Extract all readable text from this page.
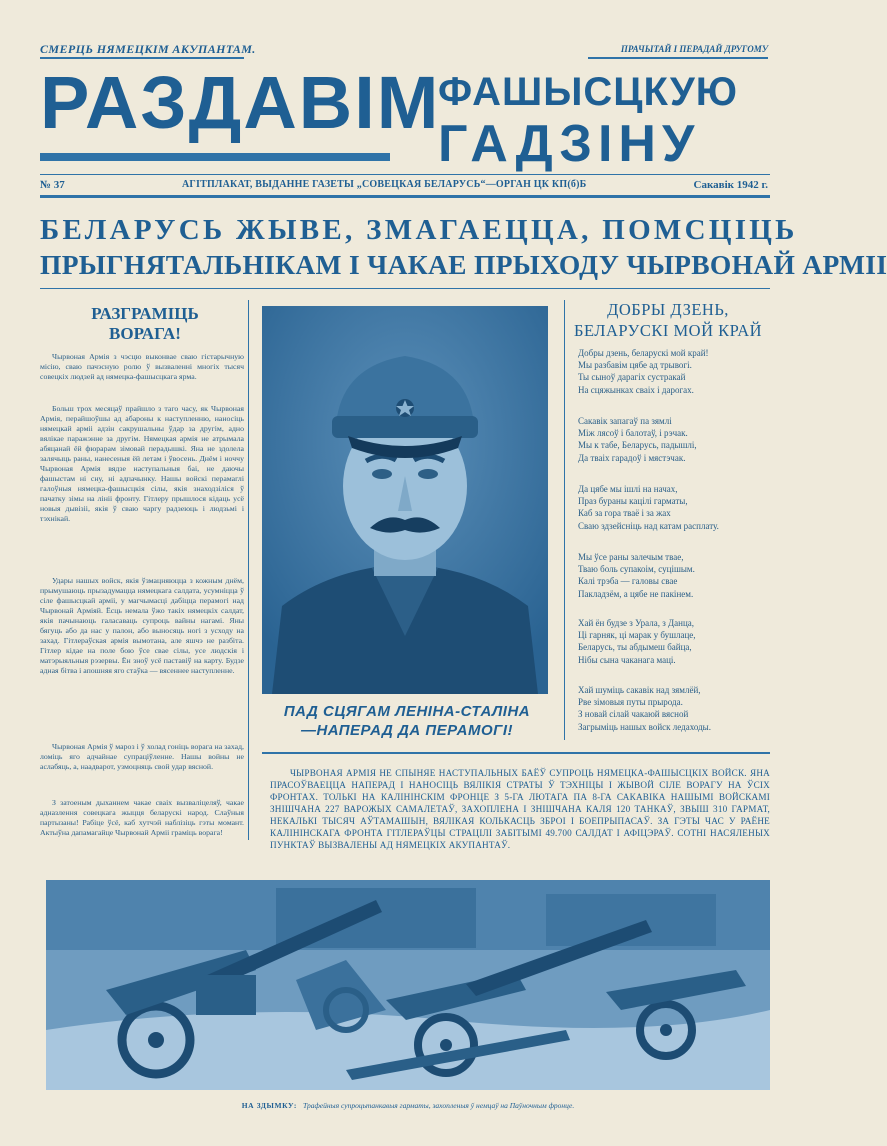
СМЕРЦЬ НЯМЕЦКІМ АКУПАНТАМ.	ПРАЧЫТАЙ І ПЕРАДАЙ ДРУГОМУ
РАЗДАВІМ
ФАШЫСЦКУЮ
ГАДЗІНУ
№ 37	АГІТПЛАКАТ, ВЫДАННЕ ГАЗЕТЫ „СОВЕЦКАЯ БЕЛАРУСЬ“—ОРГАН ЦК КП(б)Б	Сакавік 1942 г.
БЕЛАРУСЬ ЖЫВЕ, ЗМАГАЕЦЦА, ПОМСЦІЦЬ
ПРЫГНЯТАЛЬНІКАМ І ЧАКАЕ ПРЫХОДУ ЧЫРВОНАЙ АРМІІ
РАЗГРАМІЦЬ
ВОРАГА!

Чырвоная Армія з чэсцю выконвае сваю гістарычную місію, сваю пачэсную ролю ў вызваленні многіх тысяч совецкіх людзей ад нямецка-фашысцкага ярма.

Больш трох месяцаў прайшло з таго часу, як Чырвоная Армія, перайшоўшы ад абароны к наступленню, наносіць нямецкай арміі адзін сакрушальны ўдар за другім, адно вялікае паражэнне за другім. Нямецкая армія не атрымала абяцанай ёй фюрарам зімовай перадышкі. Яна не здолела залячыць раны, нанесеныя ёй летам і ўвосень. Днём і ноччу Чырвоная Армія вядзе наступальныя баі, не даючы фашыстам ні сну, ні адпачынку. Нашы войскі перамаглі галоўныя нямецка-фашысцкія сілы, якія знаходзіліся ў пачатку зімы на лініі фронту. Гітлеру прышлося кідаць усё новыя дывізіі, якія ў сваю чаргу радзеюць і людзьмі і тэхнікай.

Удары нашых войск, якія ўзмацняюцца з кожным днём, прымушаюць прызадумацца нямецкага салдата, усумніцца ў сіле фашысцкай арміі, у магчымасці дабіцца перамогі над Чырвонай Арміяй. Ёсць немала ўжо такіх нямецкіх салдат, якія пачынаюць галасаваць супроць вайны нагамі. Яны бягуць або да нас у палон, або выносяць ногі з усходу на захад. Гітлераўская армія вымотана, але яшчэ не разбіта. Гітлер кідае на поле бою ўсе свае сілы, усе людскія і матэрыяльныя рэзервы. Ён зноў усё паставіў на карту. Будзе адная бітва і апошняя яго стаўка — вясеннее наступленне.

Чырвоная Армія ў мароз і ў холад гоніць ворага на захад, ломіць яго адчайнае супраціўленне. Нашы войны не аслабяць, а, наадварот, узмоцняць свой удар вясной.

З затоеным дыханнем чакае сваіх вызваліцеляў, чакае адназлення совецкага жыцця беларускі народ. Слаўныя партызаны! Рабіце ўсё, каб хутчэй наблізіць гэты момант. Актыўна дапамагайце Чырвонай Арміі граміць ворага!

ПАД СЦЯГАМ ЛЕНІНА-СТАЛІНА
—НАПЕРАД ДА ПЕРАМОГІ!
ДОБРЫ ДЗЕНЬ,
БЕЛАРУСКІ МОЙ КРАЙ
Добры дзень, беларускі мой край!
Мы разбавім цябе ад трывогі.
Ты сыноў дарагіх сустракай
На сцяжынках сваіх і дарогах.
Сакавік запагаў па зямлі
Між лясоў і балотаў, і рэчак.
Мы к табе, Беларусь, падышлі,
Да тваіх гарадоў і мястэчак.
Да цябе мы ішлі на начах,
Праз бураны кацілі гарматы,
Каб за гора тваё і за жах
Сваю здзейсніць над катам расплату.
Мы ўсе раны залечым твае,
Тваю боль супакоім, суцішым.
Калі трэба — галовы свае
Пакладзём, а цябе не пакінем.
Хай ён будзе з Урала, з Данца,
Ці гарняк, ці марак у бушлаце,
Беларусь, ты абдымеш байца,
Нібы сына чаканага маці.
Хай шуміць сакавік над зямлёй,
Рве зімовыя путы прырода.
З новай сілай чакаюй вясной
Загрыміць нашых войск ледаходы.

ЧЫРВОНАЯ АРМІЯ НЕ СПЫНЯЕ НАСТУПАЛЬНЫХ БАЁЎ СУПРОЦЬ НЯМЕЦКА-ФАШЫСЦКІХ ВОЙСК. ЯНА ПРАСОЎВАЕЦЦА НАПЕРАД І НАНОСІЦЬ ВЯЛІКІЯ СТРАТЫ Ў ТЭХНІЦЫ І ЖЫВОЙ СІЛЕ ВОРАГУ НА ЎСІХ ФРОНТАХ. ТОЛЬКІ НА КАЛІНІНСКІМ ФРОНЦЕ З 5-ГА ЛЮТАГА ПА 8-ГА САКАВІКА НАШЫМІ ВОЙСКАМІ ЗНІШЧАНА 227 ВАРОЖЫХ САМАЛЕТАЎ, ЗАХОПЛЕНА І ЗНІШЧАНА КАЛЯ 120 ТАНКАЎ, ЗВЫШ 310 ГАРМАТ, НЕКАЛЬКІ ТЫСЯЧ АЎТАМАШЫН, ВЯЛІКАЯ КОЛЬКАСЦЬ ЗБРОІ І БОЕПРЫПАСАЎ. ЗА ГЭТЫ ЧАС У РАЁНЕ КАЛІНІНСКАГА ФРОНТА ГІТЛЕРАЎЦЫ СТРАЦІЛІ ЗАБІТЫМІ 49.700 САЛДАТ І АФІЦЭРАЎ. СОТНІ НАСЯЛЕНЫХ ПУНКТАЎ ВЫЗВАЛЕНЫ АД НЯМЕЦКІХ АКУПАНТАЎ.

НА ЗДЫМКУ: Трафейныя супроцьтанкавыя гарматы, захопленыя ў немцаў на Паўночным фронце.
